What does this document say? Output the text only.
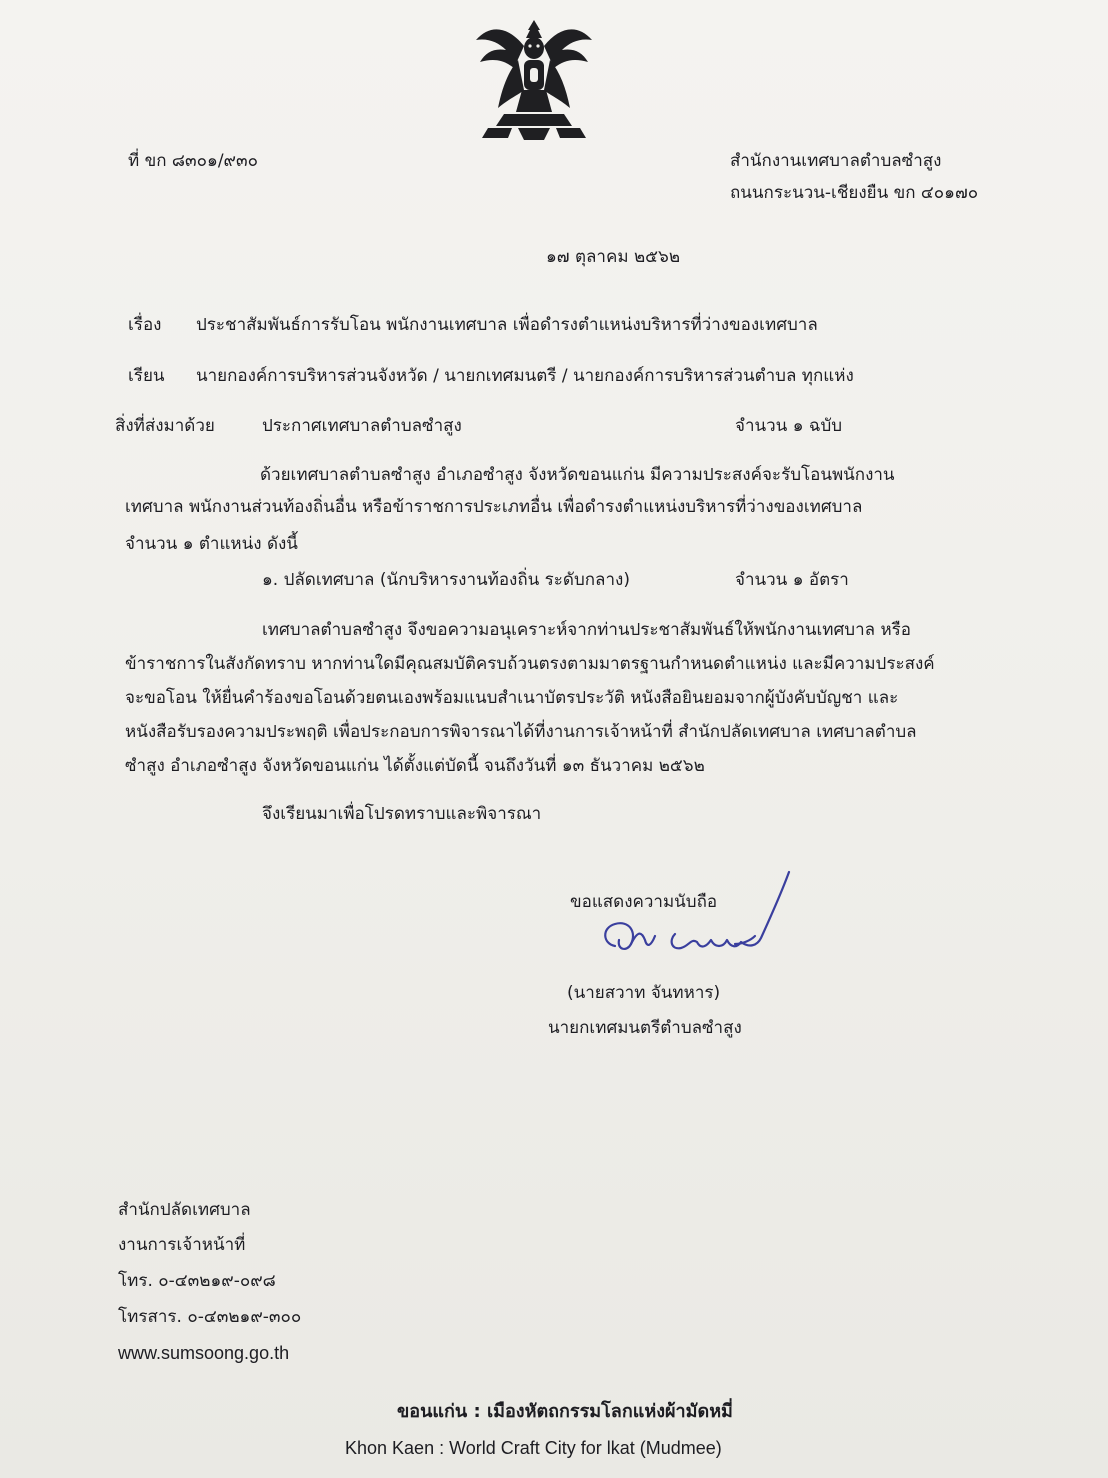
ที่ ขก ๘๓๐๑/๙๓๐	สำนักงานเทศบาลตำบลซำสูง
ถนนกระนวน-เชียงยืน ขก ๔๐๑๗๐
๑๗ ตุลาคม ๒๕๖๒
เรื่อง ประชาสัมพันธ์การรับโอน พนักงานเทศบาล เพื่อดำรงตำแหน่งบริหารที่ว่างของเทศบาล
เรียน นายกองค์การบริหารส่วนจังหวัด / นายกเทศมนตรี / นายกองค์การบริหารส่วนตำบล ทุกแห่ง
สิ่งที่ส่งมาด้วย	ประกาศเทศบาลตำบลซำสูง	จำนวน ๑ ฉบับ
ด้วยเทศบาลตำบลซำสูง อำเภอซำสูง จังหวัดขอนแก่น มีความประสงค์จะรับโอนพนักงาน
เทศบาล พนักงานส่วนท้องถิ่นอื่น หรือข้าราชการประเภทอื่น เพื่อดำรงตำแหน่งบริหารที่ว่างของเทศบาล
จำนวน ๑ ตำแหน่ง ดังนี้
๑. ปลัดเทศบาล (นักบริหารงานท้องถิ่น ระดับกลาง)	จำนวน ๑ อัตรา
เทศบาลตำบลซำสูง จึงขอความอนุเคราะห์จากท่านประชาสัมพันธ์ให้พนักงานเทศบาล หรือ
ข้าราชการในสังกัดทราบ หากท่านใดมีคุณสมบัติครบถ้วนตรงตามมาตรฐานกำหนดตำแหน่ง และมีความประสงค์
จะขอโอน ให้ยื่นคำร้องขอโอนด้วยตนเองพร้อมแนบสำเนาบัตรประวัติ หนังสือยินยอมจากผู้บังคับบัญชา และ
หนังสือรับรองความประพฤติ เพื่อประกอบการพิจารณาได้ที่งานการเจ้าหน้าที่ สำนักปลัดเทศบาล เทศบาลตำบล
ซำสูง อำเภอซำสูง จังหวัดขอนแก่น ได้ตั้งแต่บัดนี้ จนถึงวันที่ ๑๓ ธันวาคม ๒๕๖๒
จึงเรียนมาเพื่อโปรดทราบและพิจารณา
ขอแสดงความนับถือ
(นายสวาท จันทหาร)
นายกเทศมนตรีตำบลซำสูง
สำนักปลัดเทศบาล
งานการเจ้าหน้าที่
โทร. ๐-๔๓๒๑๙-๐๙๘
โทรสาร. ๐-๔๓๒๑๙-๓๐๐
www.sumsoong.go.th
ขอนแก่น : เมืองหัตถกรรมโลกแห่งผ้ามัดหมี่
Khon Kaen : World Craft City for lkat (Mudmee)
